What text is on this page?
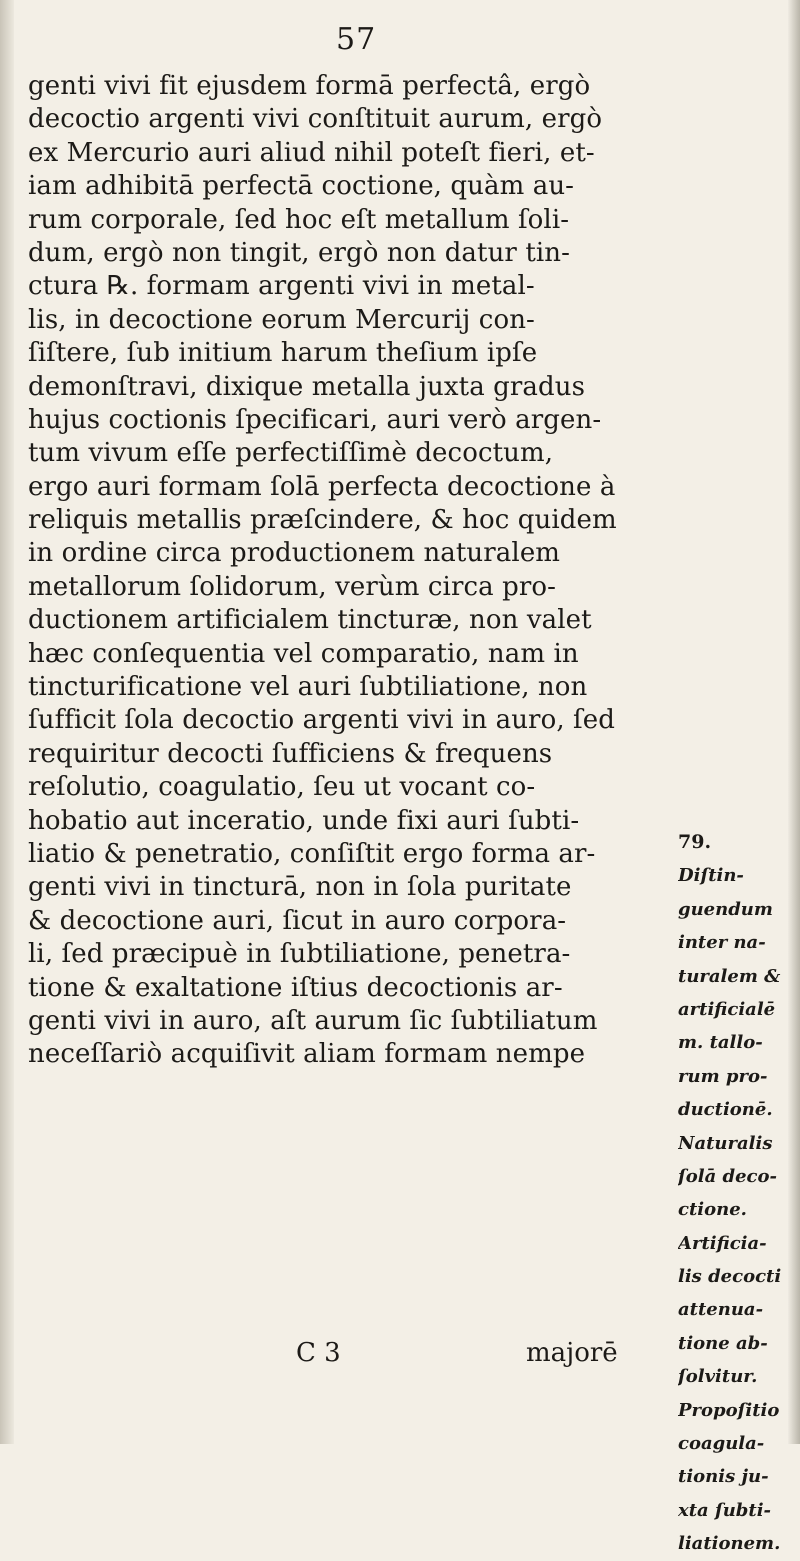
57
genti vivi fit ejusdem formā perfectâ, ergò
decoctio argenti vivi conſtituit aurum, ergò
ex Mercurio auri aliud nihil poteſt fieri, et-
iam adhibitā perfectā coctione, quàm au-
rum corporale, ſed hoc eſt metallum ſoli-
dum, ergò non tingit, ergò non datur tin-
ctura ℞. formam argenti vivi in metal-
lis, in decoctione eorum Mercurij con-
ſiſtere, ſub initium harum theſium ipſe
demonſtravi, dixique metalla juxta gradus
hujus coctionis ſpecificari, auri verò argen-
tum vivum eſſe perfectiſſimè decoctum,
ergo auri formam ſolā perfecta decoctione à
reliquis metallis præſcindere, & hoc quidem
in ordine circa productionem naturalem
metallorum ſolidorum, verùm circa pro-
ductionem artificialem tincturæ, non valet
hæc conſequentia vel comparatio, nam in
tincturificatione vel auri ſubtiliatione, non
ſufficit ſola decoctio argenti vivi in auro, ſed
requiritur decocti ſufficiens & frequens
reſolutio, coagulatio, ſeu ut vocant co-
hobatio aut inceratio, unde fixi auri ſubti-
liatio & penetratio, conſiſtit ergo forma ar-
genti vivi in tincturā, non in ſola puritate
& decoctione auri, ſicut in auro corpora-
li, ſed præcipuè in ſubtiliatione, penetra-
tione & exaltatione iſtius decoctionis ar-
genti vivi in auro, aſt aurum ſic ſubtiliatum
neceſſariò acquiſivit aliam formam nempe
79.
Diſtin-
guendum
inter na-
turalem &
artificialē
m. tallo-
rum pro-
ductionē.
Naturalis
ſolā deco-
ctione.
Artificia-
lis decocti
attenua-
tione ab-
ſolvitur.
Propoſitio
coagula-
tionis ju-
xta ſubti-
liationem.
C 3	majorē
